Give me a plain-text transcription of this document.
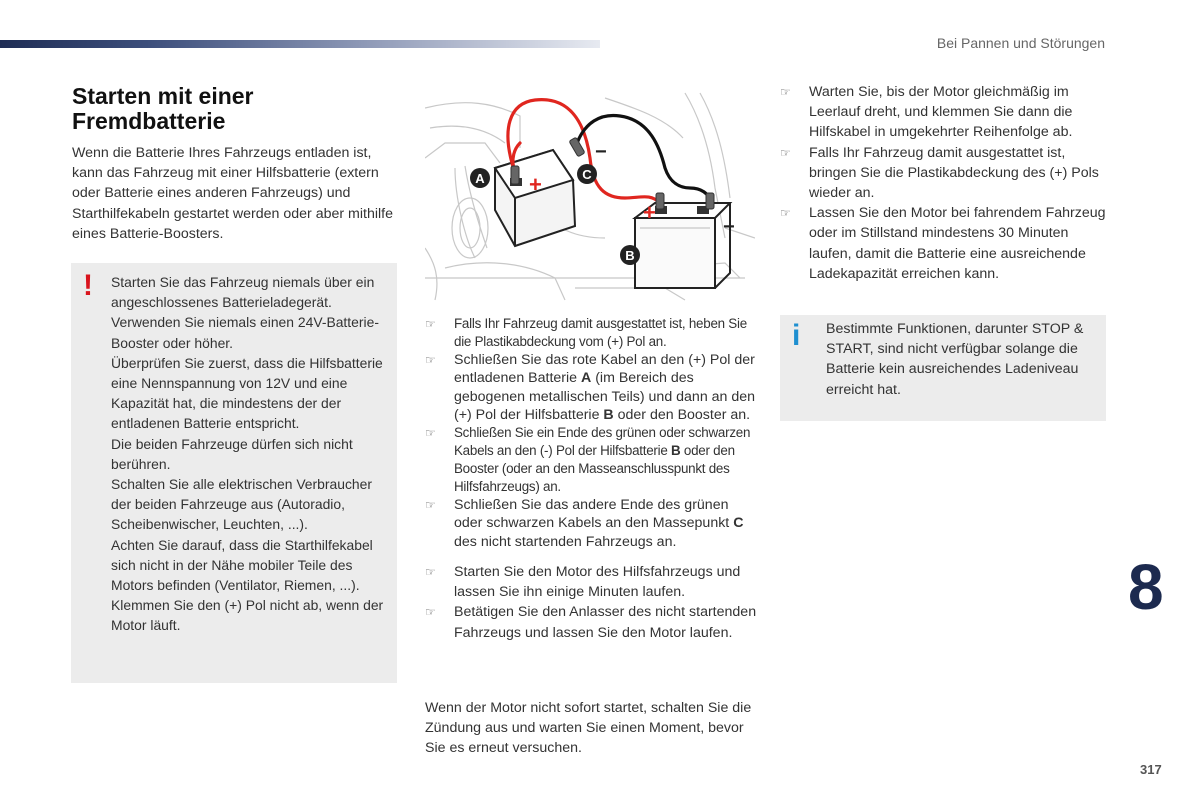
Bei Pannen und Störungen
Starten mit einer Fremdbatterie

Wenn die Batterie Ihres Fahrzeugs entladen ist, kann das Fahrzeug mit einer Hilfsbatterie (extern oder Batterie eines anderen Fahrzeugs) und Starthilfekabeln gestartet werden oder aber mithilfe eines Batterie-Boosters.

! Starten Sie das Fahrzeug niemals über ein angeschlossenes Batterieladegerät.
Verwenden Sie niemals einen 24V-Batterie-Booster oder höher.
Überprüfen Sie zuerst, dass die Hilfsbatterie eine Nennspannung von 12V und eine Kapazität hat, die mindestens der der entladenen Batterie entspricht.
Die beiden Fahrzeuge dürfen sich nicht berühren.
Schalten Sie alle elektrischen Verbraucher der beiden Fahrzeuge aus (Autoradio, Scheibenwischer, Leuchten, ...).
Achten Sie darauf, dass die Starthilfekabel sich nicht in der Nähe mobiler Teile des Motors befinden (Ventilator, Riemen, ...).
Klemmen Sie den (+) Pol nicht ab, wenn der Motor läuft.

+
+
−
−
A
B
C
☞ Falls Ihr Fahrzeug damit ausgestattet ist, heben Sie die Plastikabdeckung vom (+) Pol an.
☞ Schließen Sie das rote Kabel an den (+) Pol der entladenen Batterie A (im Bereich des gebogenen metallischen Teils) und dann an den (+) Pol der Hilfsbatterie B oder den Booster an.
☞ Schließen Sie ein Ende des grünen oder schwarzen Kabels an den (-) Pol der Hilfsbatterie B oder den Booster (oder an den Masseanschlusspunkt des Hilfsfahrzeugs) an.
☞ Schließen Sie das andere Ende des grünen oder schwarzen Kabels an den Massepunkt C des nicht startenden Fahrzeugs an.
☞ Starten Sie den Motor des Hilfsfahrzeugs und lassen Sie ihn einige Minuten laufen.
☞ Betätigen Sie den Anlasser des nicht startenden Fahrzeugs und lassen Sie den Motor laufen.

Wenn der Motor nicht sofort startet, schalten Sie die Zündung aus und warten Sie einen Moment, bevor Sie es erneut versuchen.

☞ Warten Sie, bis der Motor gleichmäßig im Leerlauf dreht, und klemmen Sie dann die Hilfskabel in umgekehrter Reihenfolge ab.
☞ Falls Ihr Fahrzeug damit ausgestattet ist, bringen Sie die Plastikabdeckung des (+) Pols wieder an.
☞ Lassen Sie den Motor bei fahrendem Fahrzeug oder im Stillstand mindestens 30 Minuten laufen, damit die Batterie eine ausreichende Ladekapazität erreichen kann.
i Bestimmte Funktionen, darunter STOP & START, sind nicht verfügbar solange die Batterie kein ausreichendes Ladeniveau erreicht hat.

8
317
